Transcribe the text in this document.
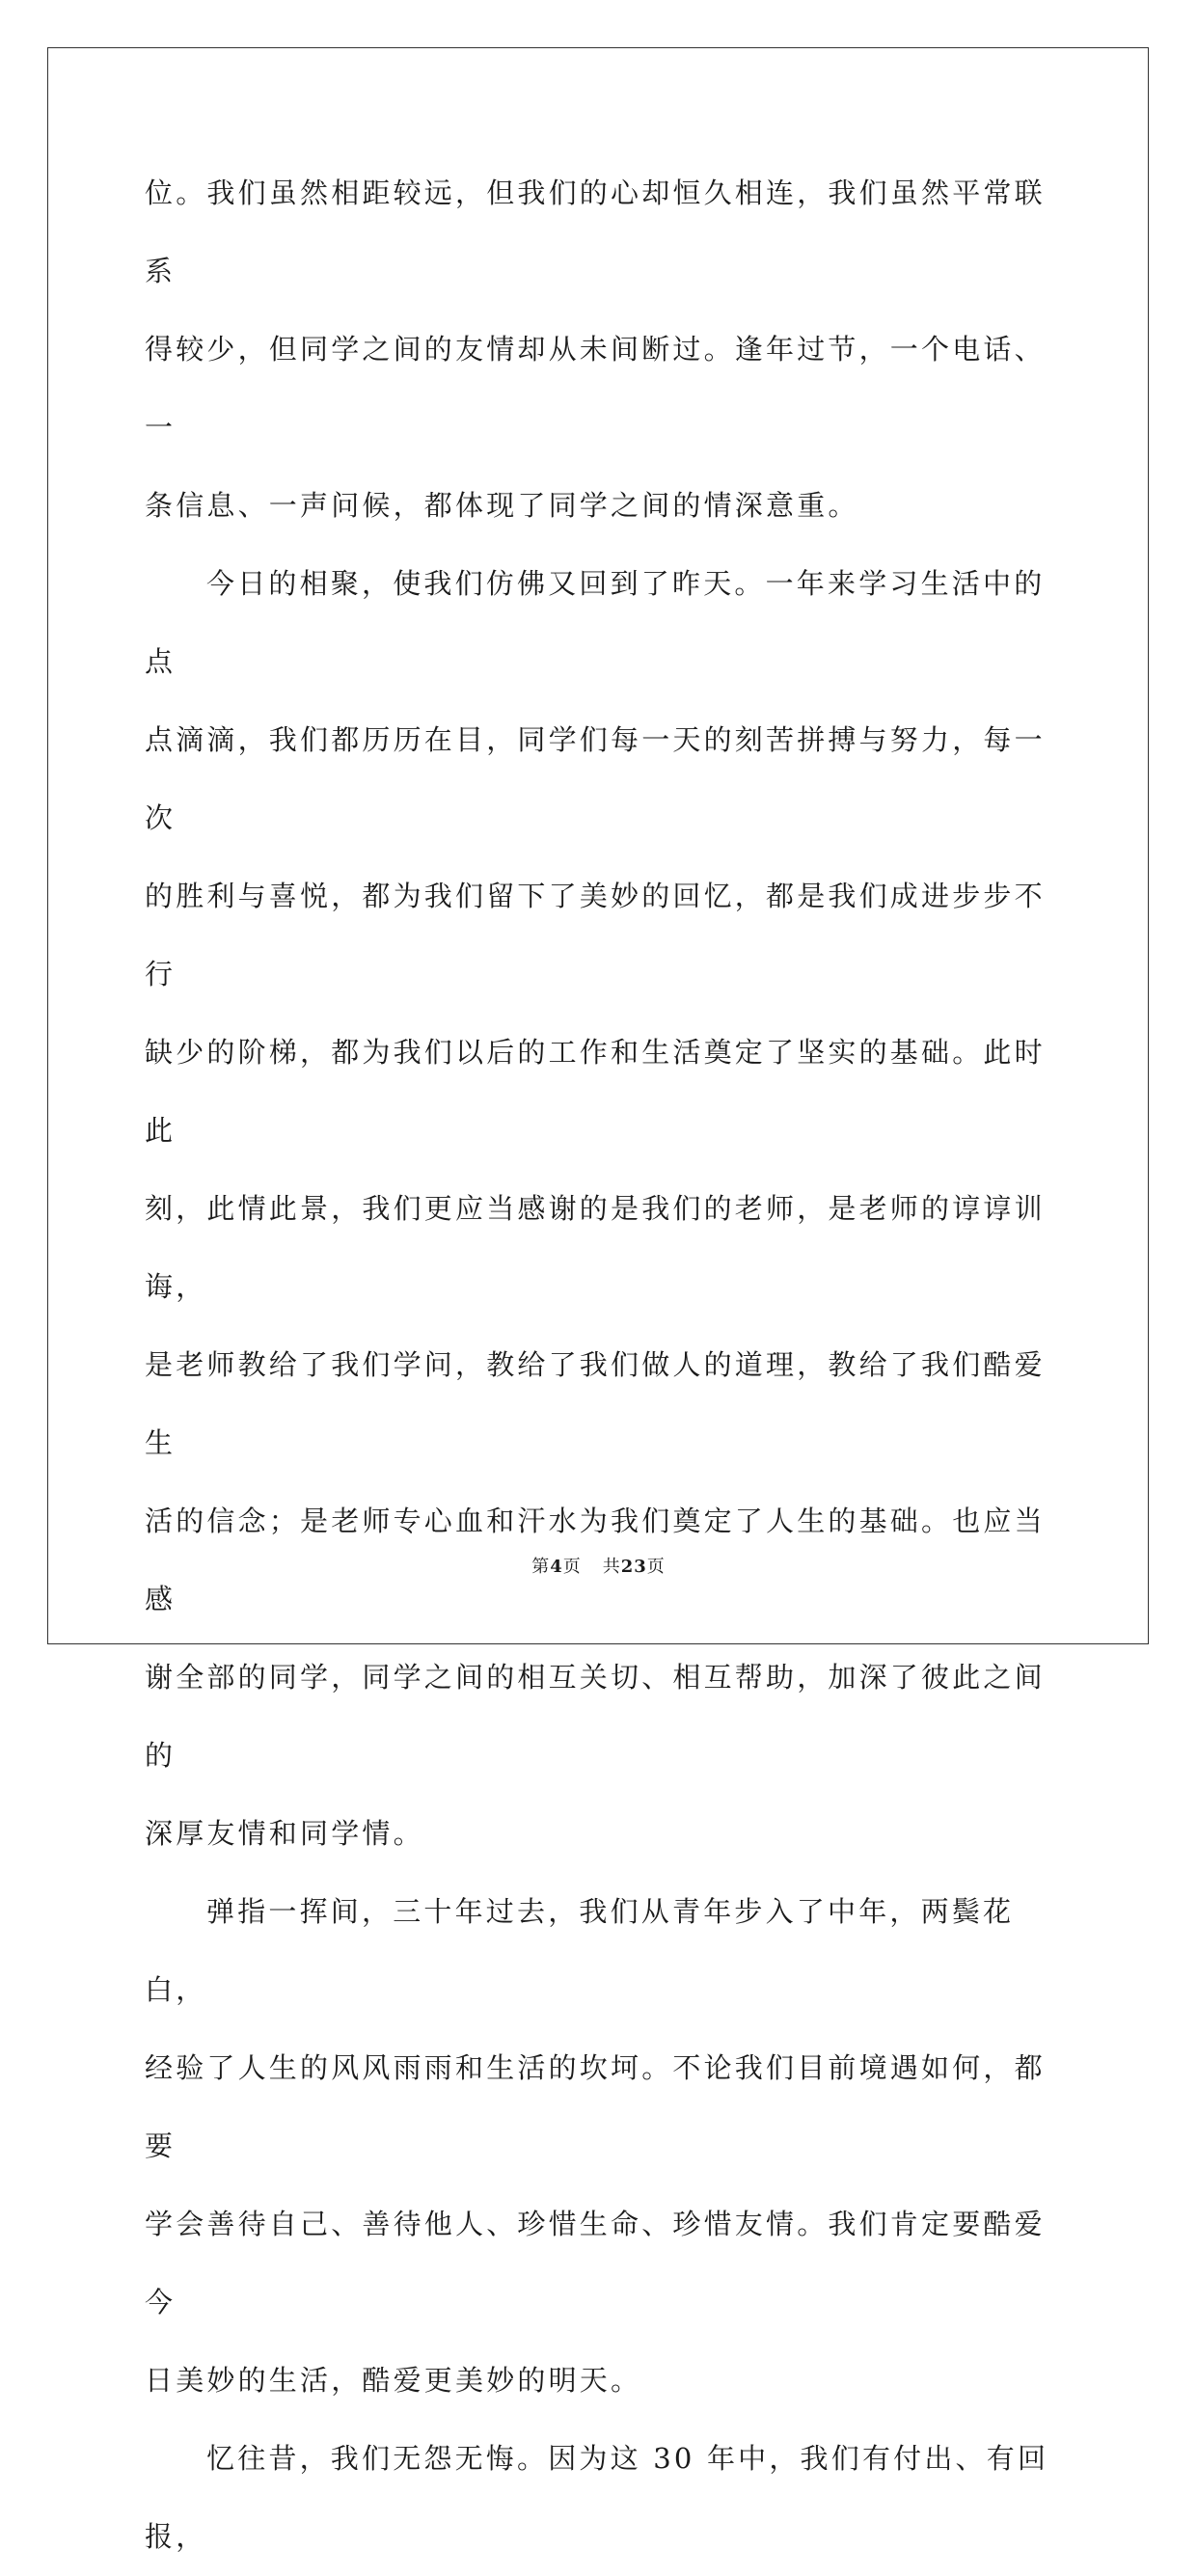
位。我们虽然相距较远，但我们的心却恒久相连，我们虽然平常联系
得较少，但同学之间的友情却从未间断过。逢年过节，一个电话、一
条信息、一声问候，都体现了同学之间的情深意重。

今日的相聚，使我们仿佛又回到了昨天。一年来学习生活中的点
点滴滴，我们都历历在目，同学们每一天的刻苦拼搏与努力，每一次
的胜利与喜悦，都为我们留下了美妙的回忆，都是我们成进步步不行
缺少的阶梯，都为我们以后的工作和生活奠定了坚实的基础。此时此
刻，此情此景，我们更应当感谢的是我们的老师，是老师的谆谆训诲，
是老师教给了我们学问，教给了我们做人的道理，教给了我们酷爱生
活的信念；是老师专心血和汗水为我们奠定了人生的基础。也应当感
谢全部的同学，同学之间的相互关切、相互帮助，加深了彼此之间的
深厚友情和同学情。

弹指一挥间，三十年过去，我们从青年步入了中年，两鬓花白，
经验了人生的风风雨雨和生活的坎坷。不论我们目前境遇如何，都要
学会善待自己、善待他人、珍惜生命、珍惜友情。我们肯定要酷爱今
日美妙的生活，酷爱更美妙的明天。

忆往昔，我们无怨无悔。因为这 30 年中，我们有付出、有回报，

第4页 共23页
